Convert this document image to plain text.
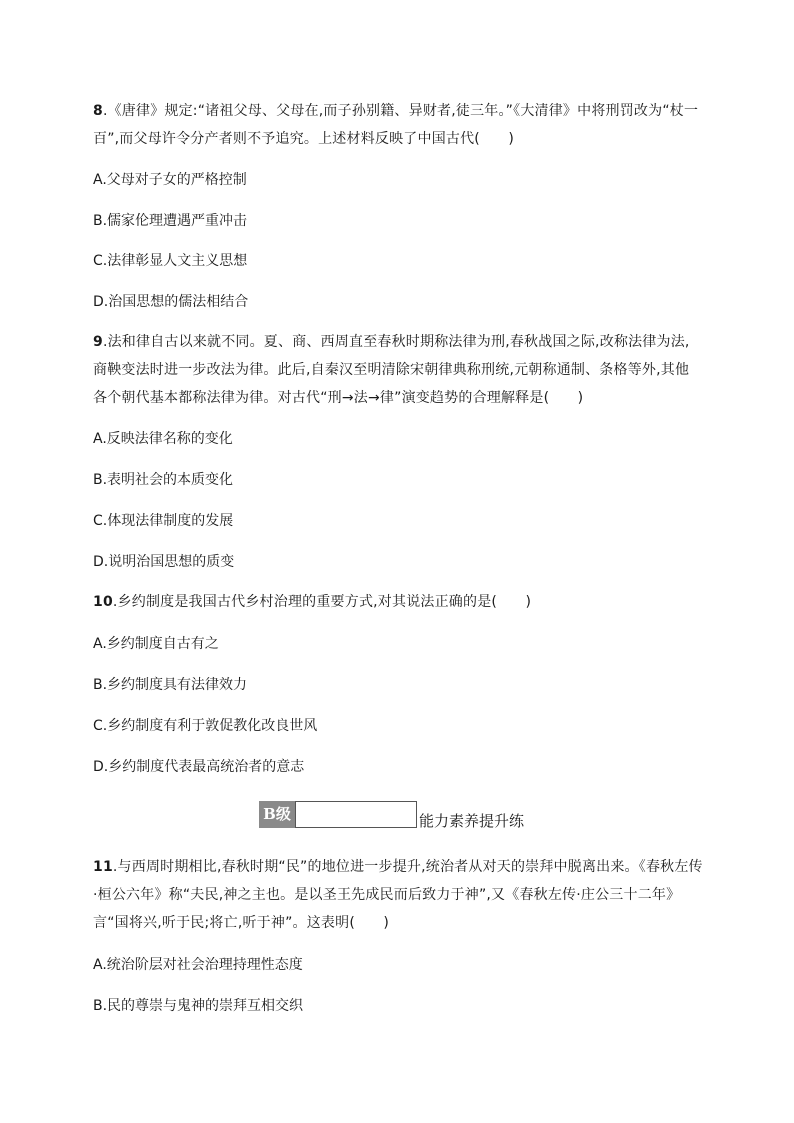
8.《唐律》规定:“诸祖父母、父母在,而子孙别籍、异财者,徒三年。”《大清律》中将刑罚改为“杖一百”,而父母许令分产者则不予追究。上述材料反映了中国古代(　　)

A.父母对子女的严格控制

B.儒家伦理遭遇严重冲击

C.法律彰显人文主义思想

D.治国思想的儒法相结合

9.法和律自古以来就不同。夏、商、西周直至春秋时期称法律为刑,春秋战国之际,改称法律为法,商鞅变法时进一步改法为律。此后,自秦汉至明清除宋朝律典称刑统,元朝称通制、条格等外,其他各个朝代基本都称法律为律。对古代“刑→法→律”演变趋势的合理解释是(　　)

A.反映法律名称的变化

B.表明社会的本质变化

C.体现法律制度的发展

D.说明治国思想的质变

10.乡约制度是我国古代乡村治理的重要方式,对其说法正确的是(　　)

A.乡约制度自古有之

B.乡约制度具有法律效力

C.乡约制度有利于敦促教化改良世风

D.乡约制度代表最高统治者的意志

B级	能力素养提升练

11.与西周时期相比,春秋时期“民”的地位进一步提升,统治者从对天的崇拜中脱离出来。《春秋左传·桓公六年》称“夫民,神之主也。是以圣王先成民而后致力于神”,又《春秋左传·庄公三十二年》言“国将兴,听于民;将亡,听于神”。这表明(　　)

A.统治阶层对社会治理持理性态度

B.民的尊崇与鬼神的崇拜互相交织
